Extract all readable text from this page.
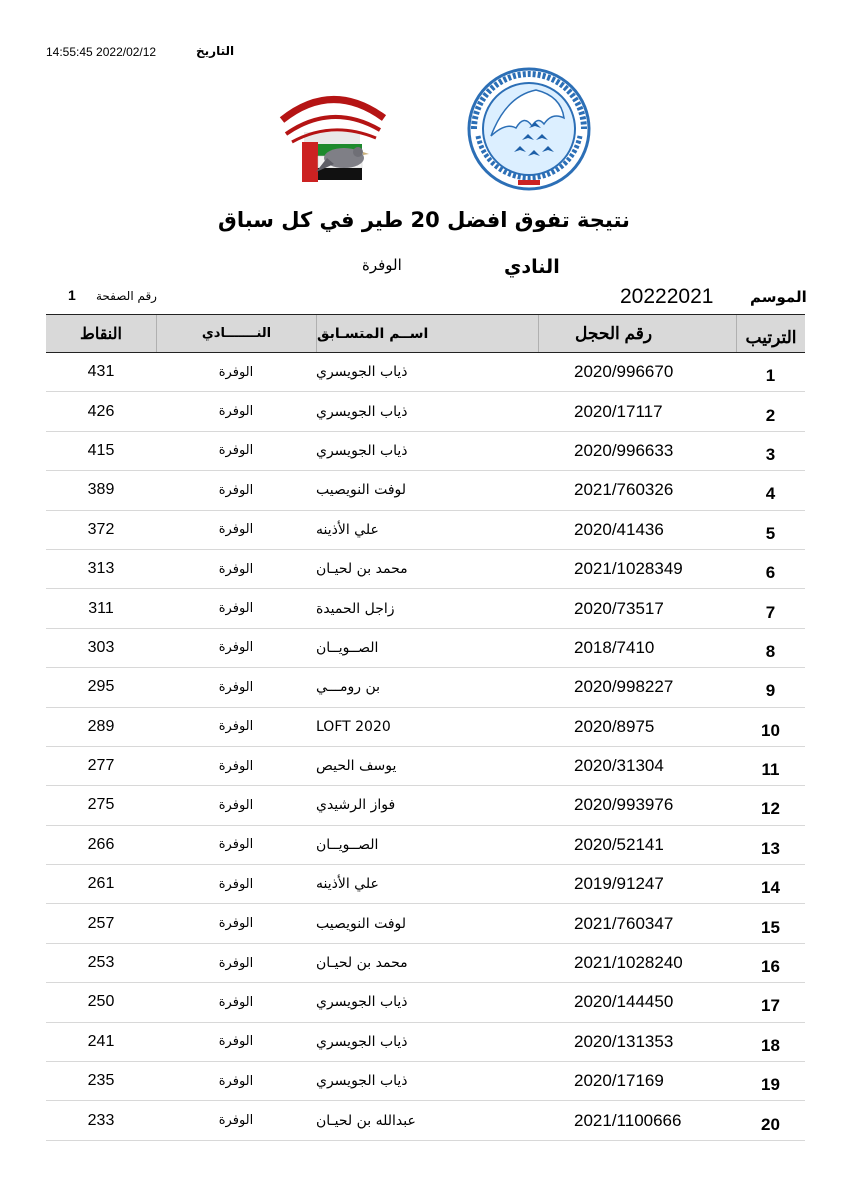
التاريخ
14:55:45 2022/02/12
نتيجة تفوق افضل 20 طير في كل سباق
النادي
الوفرة
الموسم
20222021
رقم الصفحة
1
النقاط	النـــــــادي	اســم المتسـابق	رقم الحجل	الترتيب
431	الوفرة	ذياب الجويسري	2020/996670	1
426	الوفرة	ذياب الجويسري	2020/17117	2
415	الوفرة	ذياب الجويسري	2020/996633	3
389	الوفرة	لوفت النويصيب	2021/760326	4
372	الوفرة	علي الأذينه	2020/41436	5
313	الوفرة	محمد بن لحيـان	2021/1028349	6
311	الوفرة	زاجل الحميدة	2020/73517	7
303	الوفرة	الصــويــان	2018/7410	8
295	الوفرة	بن رومـــي	2020/998227	9
289	الوفرة	LOFT 2020	2020/8975	10
277	الوفرة	يوسف الحيص	2020/31304	11
275	الوفرة	فواز الرشيدي	2020/993976	12
266	الوفرة	الصــويــان	2020/52141	13
261	الوفرة	علي الأذينه	2019/91247	14
257	الوفرة	لوفت النويصيب	2021/760347	15
253	الوفرة	محمد بن لحيـان	2021/1028240	16
250	الوفرة	ذياب الجويسري	2020/144450	17
241	الوفرة	ذياب الجويسري	2020/131353	18
235	الوفرة	ذياب الجويسري	2020/17169	19
233	الوفرة	عبدالله بن لحيـان	2021/1100666	20
